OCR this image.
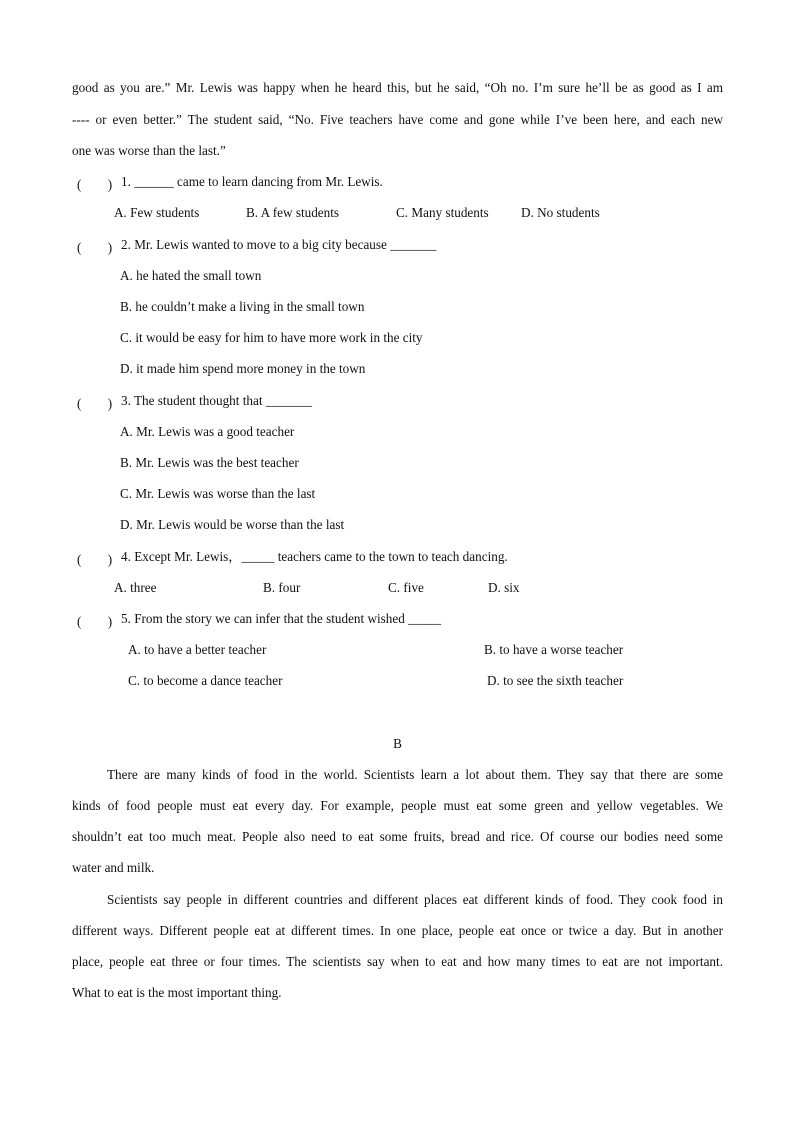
good as you are.” Mr. Lewis was happy when he heard this, but he said, “Oh no. I’m sure he’ll be as good as I am
---- or even better.” The student said, “No. Five teachers have come and gone while I’ve been here, and each new
one was worse than the last.”
(　　) 1. ______ came to learn dancing from Mr. Lewis.
A. Few students	B. A few students	C. Many students D. No students
(　　) 2. Mr. Lewis wanted to move to a big city because _______
A. he hated the small town
B. he couldn’t make a living in the small town
C. it would be easy for him to have more work in the city
D. it made him spend more money in the town
(　　) 3. The student thought that _______
A. Mr. Lewis was a good teacher
B. Mr. Lewis was the best teacher
C. Mr. Lewis was worse than the last
D. Mr. Lewis would be worse than the last
(　　) 4. Except Mr. Lewis，_____ teachers came to the town to teach dancing.
A. three	B. four	C. five	D. six
(　　) 5. From the story we can infer that the student wished _____
A. to have a better teacher	B. to have a worse teacher
C. to become a dance teacher	D. to see the sixth teacher
B
There are many kinds of food in the world. Scientists learn a lot about them. They say that there are some
kinds of food people must eat every day. For example, people must eat some green and yellow vegetables. We
shouldn’t eat too much meat. People also need to eat some fruits, bread and rice. Of course our bodies need some
water and milk.
Scientists say people in different countries and different places eat different kinds of food. They cook food in
different ways. Different people eat at different times. In one place, people eat once or twice a day. But in another
place, people eat three or four times. The scientists say when to eat and how many times to eat are not important.
What to eat is the most important thing.
